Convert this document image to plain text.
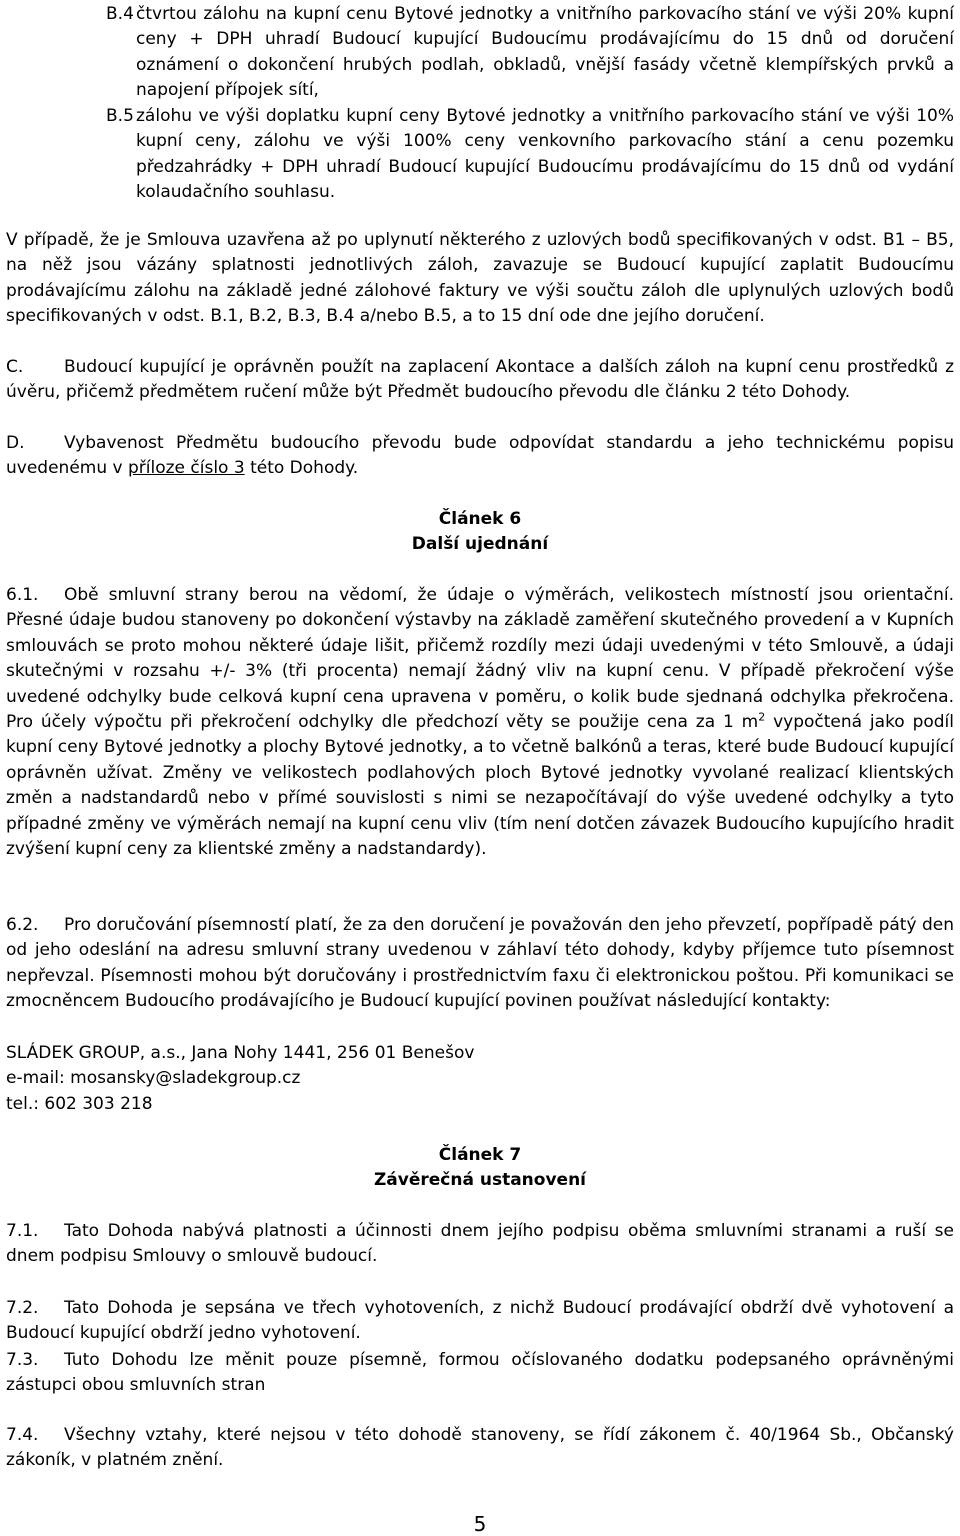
B.4 čtvrtou zálohu na kupní cenu Bytové jednotky a vnitřního parkovacího stání ve výši 20% kupní ceny + DPH uhradí Budoucí kupující Budoucímu prodávajícímu do 15 dnů od doručení oznámení o dokončení hrubých podlah, obkladů, vnější fasády včetně klempířských prvků a napojení přípojek sítí,

B.5 zálohu ve výši doplatku kupní ceny Bytové jednotky a vnitřního parkovacího stání ve výši 10% kupní ceny, zálohu ve výši 100% ceny venkovního parkovacího stání a cenu pozemku předzahrádky + DPH uhradí Budoucí kupující Budoucímu prodávajícímu do 15 dnů od vydání kolaudačního souhlasu.

V případě, že je Smlouva uzavřena až po uplynutí některého z uzlových bodů specifikovaných v odst. B1 – B5, na něž jsou vázány splatnosti jednotlivých záloh, zavazuje se Budoucí kupující zaplatit Budoucímu prodávajícímu zálohu na základě jedné zálohové faktury ve výši součtu záloh dle uplynulých uzlových bodů specifikovaných v odst. B.1, B.2, B.3, B.4 a/nebo B.5, a to 15 dní ode dne jejího doručení.

C. Budoucí kupující je oprávněn použít na zaplacení Akontace a dalších záloh na kupní cenu prostředků z úvěru, přičemž předmětem ručení může být Předmět budoucího převodu dle článku 2 této Dohody.

D. Vybavenost Předmětu budoucího převodu bude odpovídat standardu a jeho technickému popisu uvedenému v příloze číslo 3 této Dohody.

Článek 6

Další ujednání

6.1. Obě smluvní strany berou na vědomí, že údaje o výměrách, velikostech místností jsou orientační. Přesné údaje budou stanoveny po dokončení výstavby na základě zaměření skutečného provedení a v Kupních smlouvách se proto mohou některé údaje lišit, přičemž rozdíly mezi údaji uvedenými v této Smlouvě, a údaji skutečnými v rozsahu +/- 3% (tři procenta) nemají žádný vliv na kupní cenu. V případě překročení výše uvedené odchylky bude celková kupní cena upravena v poměru, o kolik bude sjednaná odchylka překročena. Pro účely výpočtu při překročení odchylky dle předchozí věty se použije cena za 1 $m^2$ vypočtená jako podíl kupní ceny Bytové jednotky a plochy Bytové jednotky, a to včetně balkónů a teras, které bude Budoucí kupující oprávněn užívat. Změny ve velikostech podlahových ploch Bytové jednotky vyvolané realizací klientských změn a nadstandardů nebo v přímé souvislosti s nimi se nezapočítávají do výše uvedené odchylky a tyto případné změny ve výměrách nemají na kupní cenu vliv (tím není dotčen závazek Budoucího kupujícího hradit zvýšení kupní ceny za klientské změny a nadstandardy).

6.2. Pro doručování písemností platí, že za den doručení je považován den jeho převzetí, popřípadě pátý den od jeho odeslání na adresu smluvní strany uvedenou v záhlaví této dohody, kdyby příjemce tuto písemnost nepřevzal. Písemnosti mohou být doručovány i prostřednictvím faxu či elektronickou poštou. Při komunikaci se zmocněncem Budoucího prodávajícího je Budoucí kupující povinen používat následující kontakty:

SLÁDEK GROUP, a.s., Jana Nohy 1441, 256 01 Benešov

e-mail: mosansky@sladekgroup.cz

tel.: 602 303 218

Článek 7

Závěrečná ustanovení

7.1. Tato Dohoda nabývá platnosti a účinnosti dnem jejího podpisu oběma smluvními stranami a ruší se dnem podpisu Smlouvy o smlouvě budoucí.

7.2. Tato Dohoda je sepsána ve třech vyhotoveních, z nichž Budoucí prodávající obdrží dvě vyhotovení a Budoucí kupující obdrží jedno vyhotovení.

7.3. Tuto Dohodu lze měnit pouze písemně, formou očíslovaného dodatku podepsaného oprávněnými zástupci obou smluvních stran

7.4. Všechny vztahy, které nejsou v této dohodě stanoveny, se řídí zákonem č. 40/1964 Sb., Občanský zákoník, v platném znění.

5
